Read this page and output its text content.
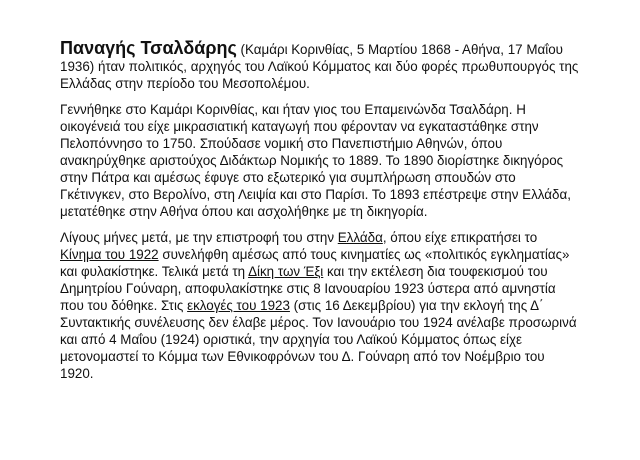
Παναγής Τσαλδάρης (Καμάρι Κορινθίας, 5 Μαρτίου 1868 - Αθήνα, 17 Μαΐου 1936) ήταν πολιτικός, αρχηγός του Λαϊκού Κόμματος και δύο φορές πρωθυπουργός της Ελλάδας στην περίοδο του Μεσοπολέμου.

Γεννήθηκε στο Καμάρι Κορινθίας, και ήταν γιος του Επαμεινώνδα Τσαλδάρη. Η οικογένειά του είχε μικρασιατική καταγωγή που φέρονταν να εγκαταστάθηκε στην Πελοπόννησο το 1750. Σπούδασε νομική στο Πανεπιστήμιο Αθηνών, όπου ανακηρύχθηκε αριστούχος Διδάκτωρ Νομικής το 1889. Το 1890 διορίστηκε δικηγόρος στην Πάτρα και αμέσως έφυγε στο εξωτερικό για συμπλήρωση σπουδών στο Γκέτινγκεν, στο Βερολίνο, στη Λειψία και στο Παρίσι. Το 1893 επέστρεψε στην Ελλάδα, μετατέθηκε στην Αθήνα όπου και ασχολήθηκε με τη δικηγορία.

Λίγους μήνες μετά, με την επιστροφή του στην Ελλάδα, όπου είχε επικρατήσει το Κίνημα του 1922 συνελήφθη αμέσως από τους κινηματίες ως «πολιτικός εγκληματίας» και φυλακίστηκε. Τελικά μετά τη Δίκη των Έξι και την εκτέλεση δια τουφεκισμού του Δημητρίου Γούναρη, αποφυλακίστηκε στις 8 Ιανουαρίου 1923 ύστερα από αμνηστία που του δόθηκε. Στις εκλογές του 1923 (στις 16 Δεκεμβρίου) για την εκλογή της Δ΄ Συντακτικής συνέλευσης δεν έλαβε μέρος. Τον Ιανουάριο του 1924 ανέλαβε προσωρινά και από 4 Μαΐου (1924) οριστικά, την αρχηγία του Λαϊκού Κόμματος όπως είχε μετονομαστεί το Κόμμα των Εθνικοφρόνων του Δ. Γούναρη από τον Νοέμβριο του 1920.
